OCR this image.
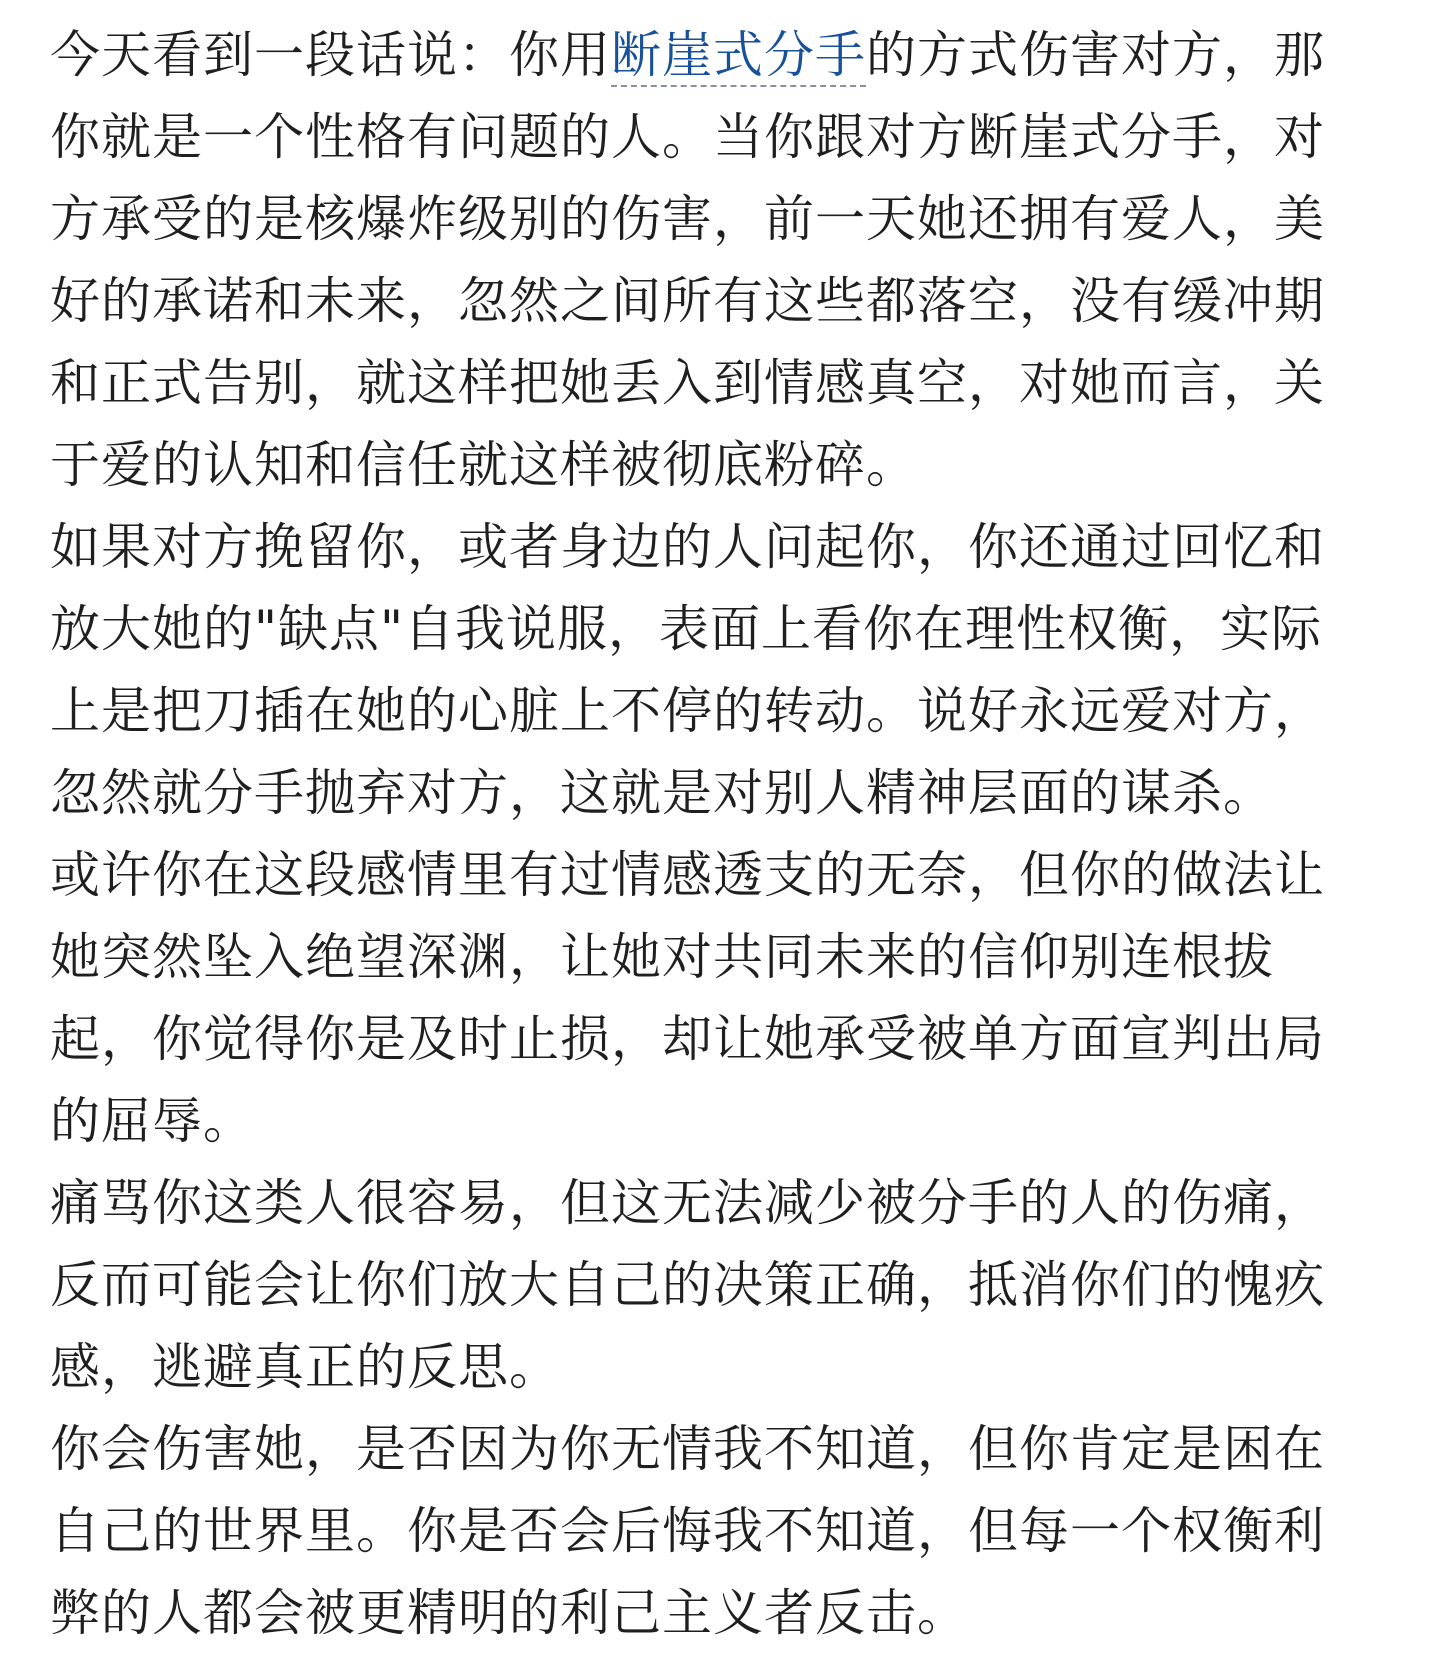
今天看到一段话说：你用断崖式分手的方式伤害对方，那
你就是一个性格有问题的人。当你跟对方断崖式分手，对
方承受的是核爆炸级别的伤害，前一天她还拥有爱人，美
好的承诺和未来，忽然之间所有这些都落空，没有缓冲期
和正式告别，就这样把她丢入到情感真空，对她而言，关
于爱的认知和信任就这样被彻底粉碎。
如果对方挽留你，或者身边的人问起你，你还通过回忆和
放大她的"缺点"自我说服，表面上看你在理性权衡，实际
上是把刀插在她的心脏上不停的转动。说好永远爱对方，
忽然就分手抛弃对方，这就是对别人精神层面的谋杀。
或许你在这段感情里有过情感透支的无奈，但你的做法让
她突然坠入绝望深渊，让她对共同未来的信仰别连根拔
起，你觉得你是及时止损，却让她承受被单方面宣判出局
的屈辱。
痛骂你这类人很容易，但这无法减少被分手的人的伤痛，
反而可能会让你们放大自己的决策正确，抵消你们的愧疚
感，逃避真正的反思。
你会伤害她，是否因为你无情我不知道，但你肯定是困在
自己的世界里。你是否会后悔我不知道，但每一个权衡利
弊的人都会被更精明的利己主义者反击。
